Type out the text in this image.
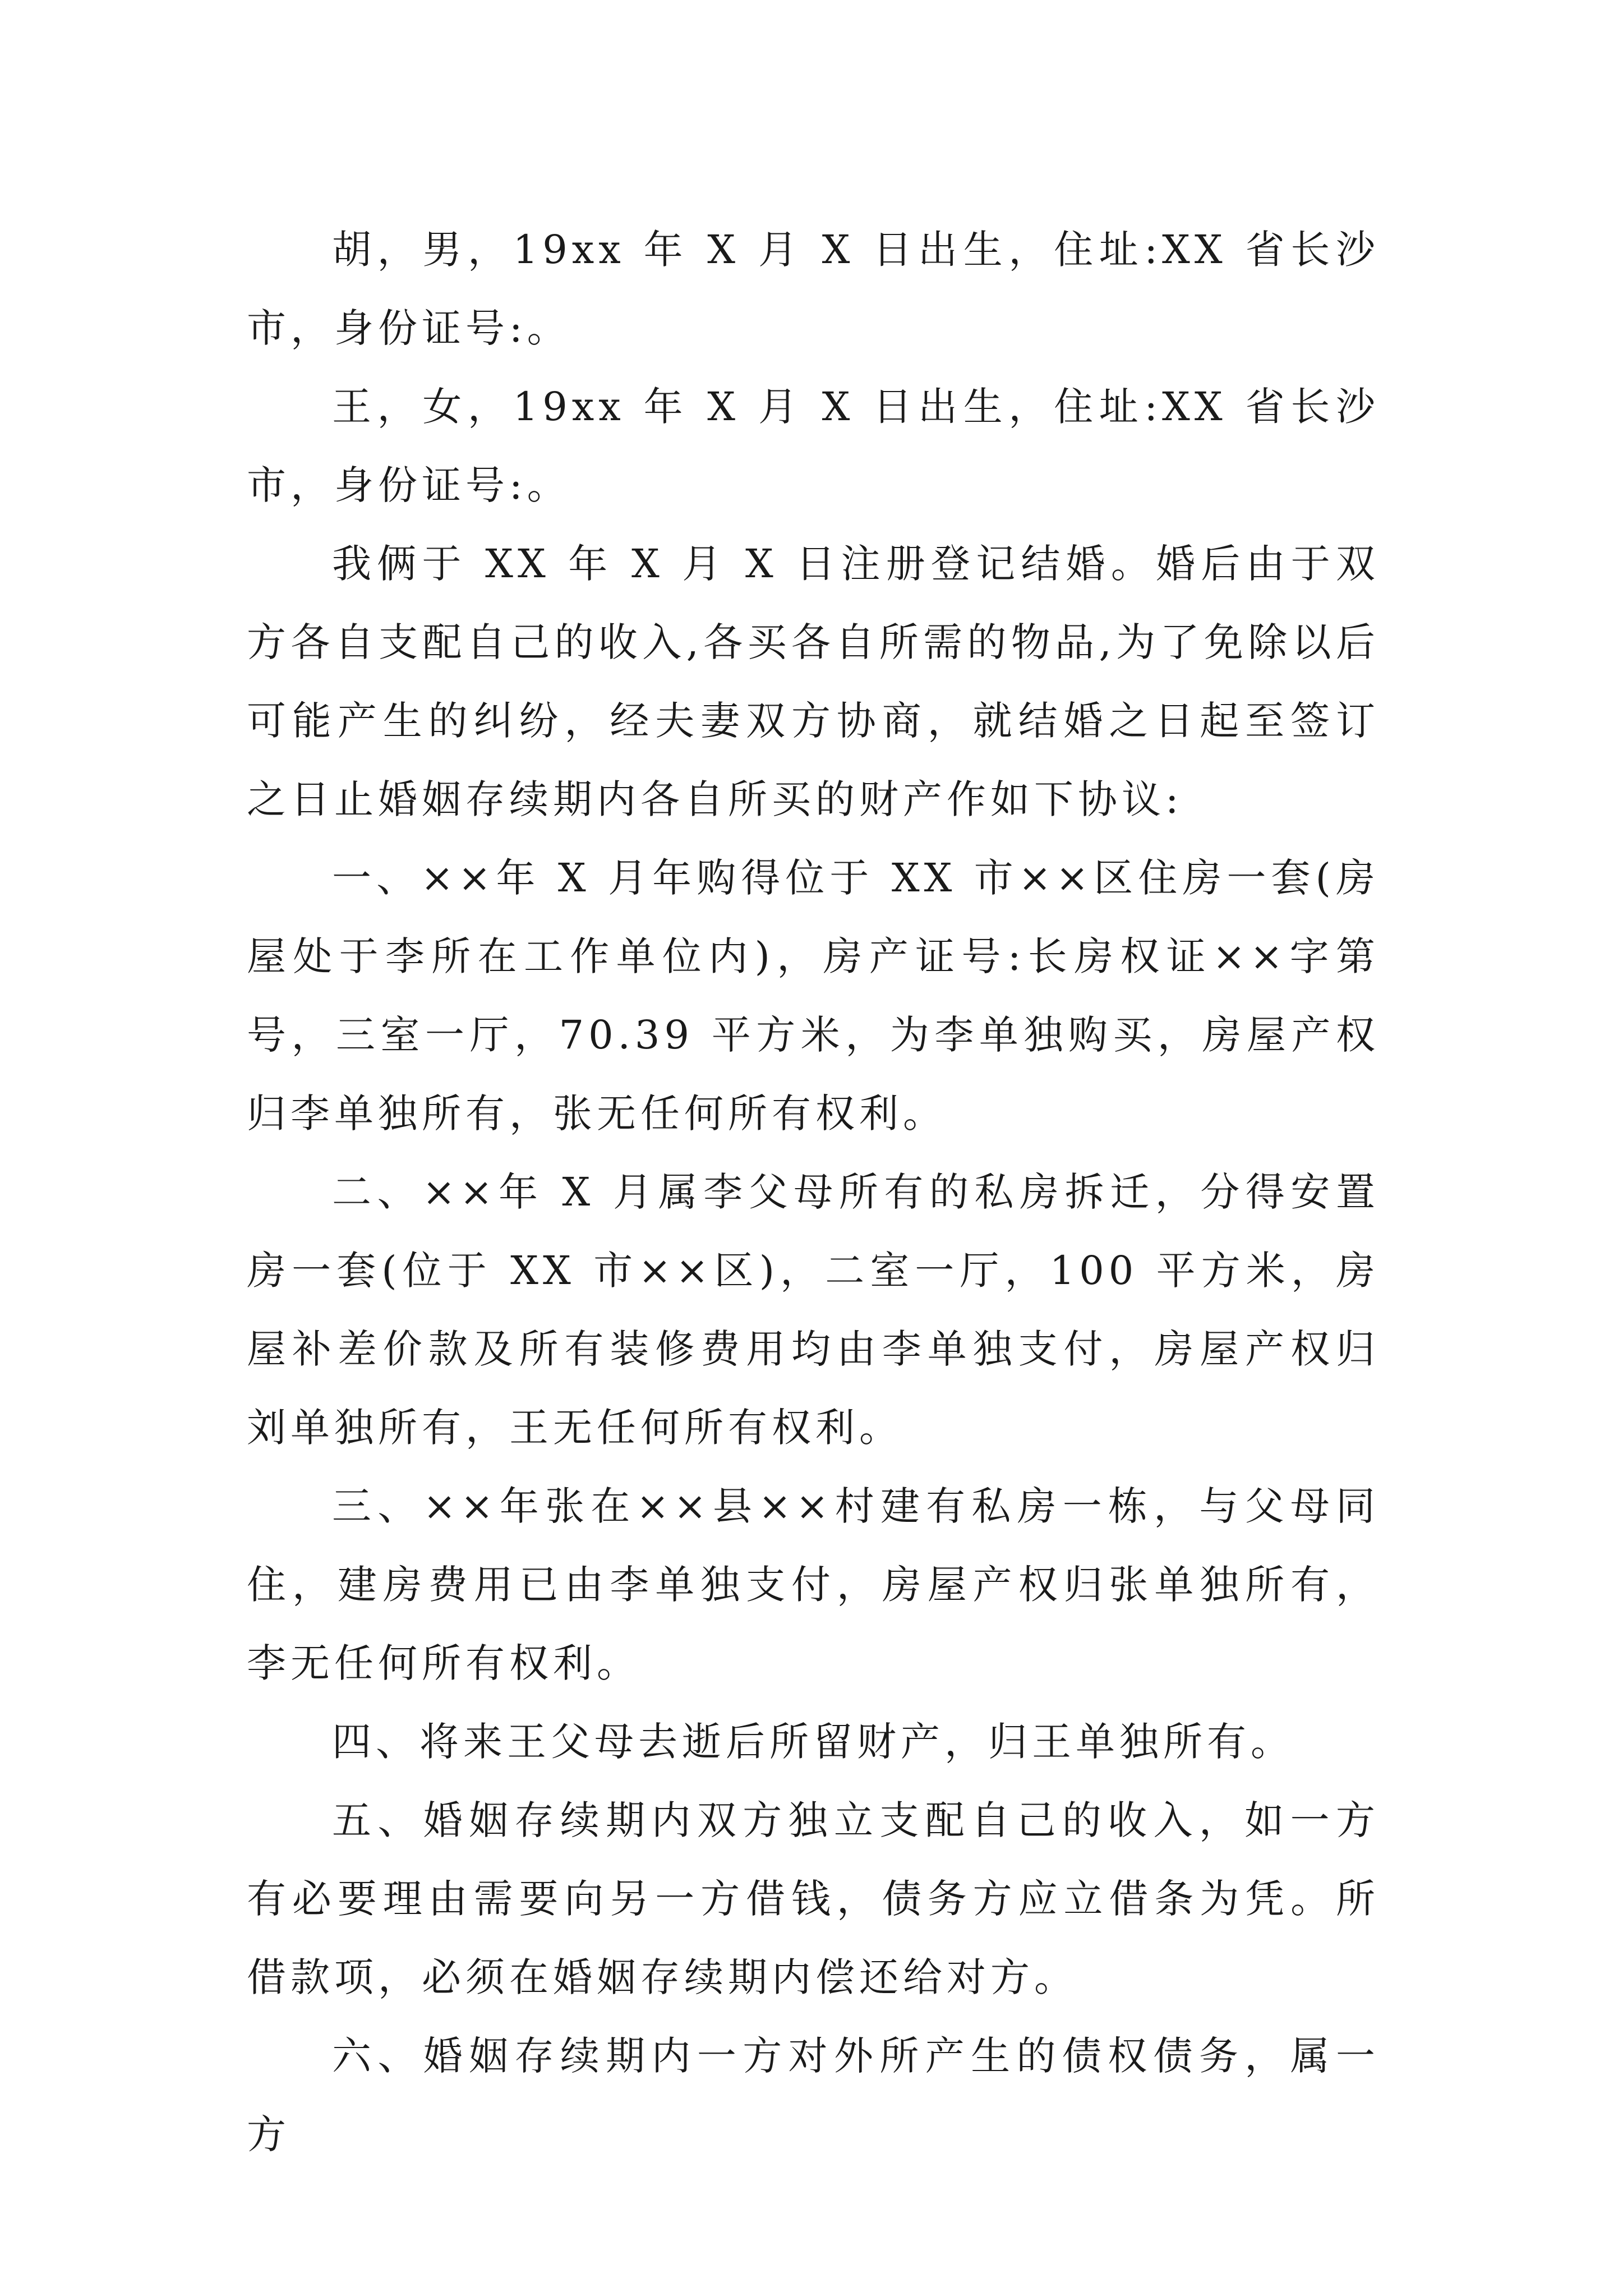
胡，男，19xx 年 X 月 X 日出生，住址:XX 省长沙市，身份证号:。

王，女，19xx 年 X 月 X 日出生，住址:XX 省长沙市，身份证号:。

我俩于 XX 年 X 月 X 日注册登记结婚。婚后由于双方各自支配自己的收入,各买各自所需的物品,为了免除以后可能产生的纠纷，经夫妻双方协商，就结婚之日起至签订之日止婚姻存续期内各自所买的财产作如下协议:

一、××年 X 月年购得位于 XX 市××区住房一套(房屋处于李所在工作单位内)，房产证号:长房权证××字第号，三室一厅，70.39 平方米，为李单独购买，房屋产权归李单独所有，张无任何所有权利。

二、××年 X 月属李父母所有的私房拆迁，分得安置房一套(位于 XX 市××区)，二室一厅，100 平方米，房屋补差价款及所有装修费用均由李单独支付，房屋产权归刘单独所有，王无任何所有权利。

三、××年张在××县××村建有私房一栋，与父母同住，建房费用已由李单独支付，房屋产权归张单独所有，李无任何所有权利。

四、将来王父母去逝后所留财产，归王单独所有。

五、婚姻存续期内双方独立支配自己的收入，如一方有必要理由需要向另一方借钱，债务方应立借条为凭。所借款项，必须在婚姻存续期内偿还给对方。

六、婚姻存续期内一方对外所产生的债权债务，属一方
